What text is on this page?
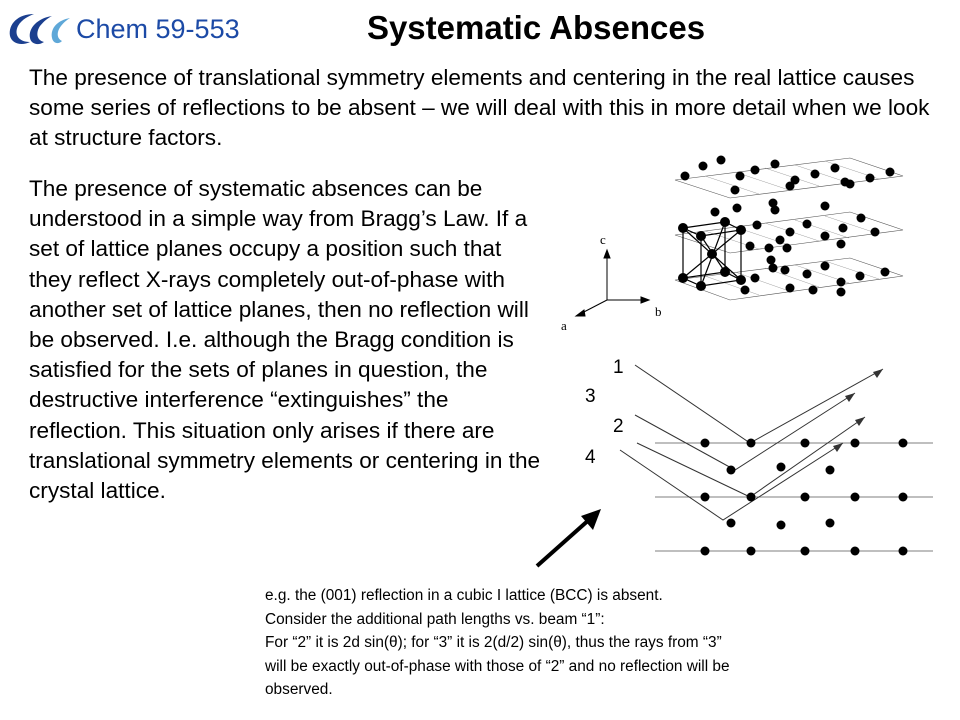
Chem 59-553	Systematic Absences

The presence of translational symmetry elements and centering in the real lattice causes some series of reflections to be absent – we will deal with this in more detail when we look at structure factors.

The presence of systematic absences can be understood in a simple way from Bragg’s Law. If a set of lattice planes occupy a position such that they reflect X-rays completely out-of-phase with another set of lattice planes, then no reflection will be observed. I.e. although the Bragg condition is satisfied for the sets of planes in question, the destructive interference “extinguishes” the reflection. This situation only arises if there are translational symmetry elements or centering in the crystal lattice.

c
b
a
1
3
2
4
e.g. the (001) reflection in a cubic I lattice (BCC) is absent.
Consider the additional path lengths vs. beam “1”:
For “2” it is 2d sin(θ); for “3” it is 2(d/2) sin(θ), thus the rays from “3”
will be exactly out-of-phase with those of “2” and no reflection will be
observed.
